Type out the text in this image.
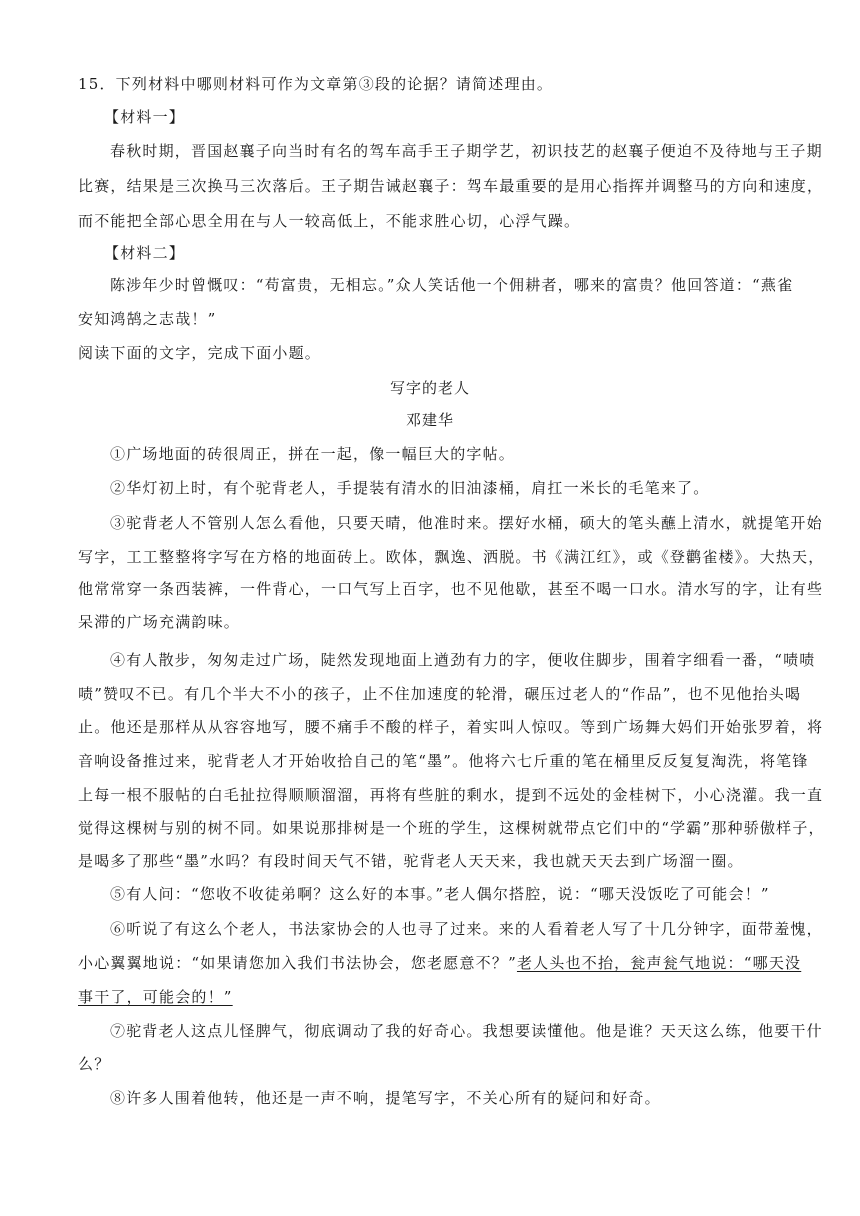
15．下列材料中哪则材料可作为文章第③段的论据？请简述理由。
【材料一】
春秋时期，晋国赵襄子向当时有名的驾车高手王子期学艺，初识技艺的赵襄子便迫不及待地与王子期
比赛，结果是三次换马三次落后。王子期告诫赵襄子：驾车最重要的是用心指挥并调整马的方向和速度，
而不能把全部心思全用在与人一较高低上，不能求胜心切，心浮气躁。
【材料二】
陈涉年少时曾慨叹：“苟富贵，无相忘。”众人笑话他一个佣耕者，哪来的富贵？他回答道：“燕雀
安知鸿鹄之志哉！”
阅读下面的文字，完成下面小题。
写字的老人
邓建华
①广场地面的砖很周正，拼在一起，像一幅巨大的字帖。
②华灯初上时，有个驼背老人，手提装有清水的旧油漆桶，肩扛一米长的毛笔来了。
③驼背老人不管别人怎么看他，只要天晴，他准时来。摆好水桶，硕大的笔头蘸上清水，就提笔开始
写字，工工整整将字写在方格的地面砖上。欧体，飘逸、洒脱。书《满江红》，或《登鹳雀楼》。大热天，
他常常穿一条西装裤，一件背心，一口气写上百字，也不见他歇，甚至不喝一口水。清水写的字，让有些
呆滞的广场充满韵味。
④有人散步，匆匆走过广场，陡然发现地面上遒劲有力的字，便收住脚步，围着字细看一番，“啧啧
啧”赞叹不已。有几个半大不小的孩子，止不住加速度的轮滑，碾压过老人的“作品”，也不见他抬头喝
止。他还是那样从从容容地写，腰不痛手不酸的样子，着实叫人惊叹。等到广场舞大妈们开始张罗着，将
音响设备推过来，驼背老人才开始收拾自己的笔“墨”。他将六七斤重的笔在桶里反反复复淘洗，将笔锋
上每一根不服帖的白毛扯拉得顺顺溜溜，再将有些脏的剩水，提到不远处的金桂树下，小心浇灌。我一直
觉得这棵树与别的树不同。如果说那排树是一个班的学生，这棵树就带点它们中的“学霸”那种骄傲样子，
是喝多了那些“墨”水吗？有段时间天气不错，驼背老人天天来，我也就天天去到广场溜一圈。
⑤有人问：“您收不收徒弟啊？这么好的本事。”老人偶尔搭腔，说：“哪天没饭吃了可能会！”
⑥听说了有这么个老人，书法家协会的人也寻了过来。来的人看着老人写了十几分钟字，面带羞愧，
小心翼翼地说：“如果请您加入我们书法协会，您老愿意不？”老人头也不抬，瓮声瓮气地说：“哪天没
事干了，可能会的！”
⑦驼背老人这点儿怪脾气，彻底调动了我的好奇心。我想要读懂他。他是谁？天天这么练，他要干什
么？
⑧许多人围着他转，他还是一声不响，提笔写字，不关心所有的疑问和好奇。
